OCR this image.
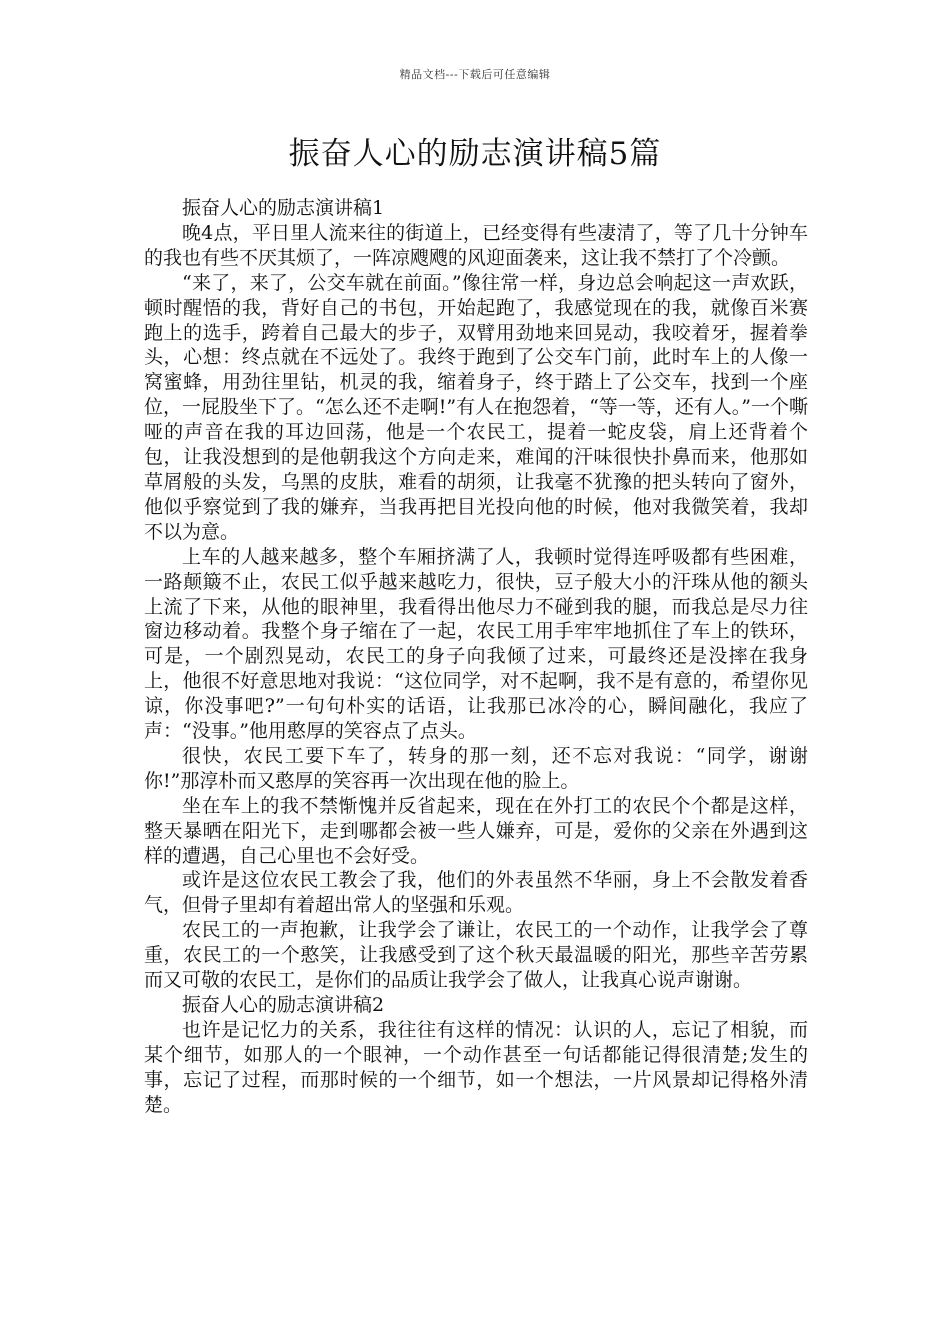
精品文档---下载后可任意编辑
振奋人心的励志演讲稿5篇

振奋人心的励志演讲稿1

晚4点，平日里人流来往的街道上，已经变得有些凄清了，等了几十分钟车的我也有些不厌其烦了，一阵凉飕飕的风迎面袭来，这让我不禁打了个冷颤。

“来了，来了，公交车就在前面。”像往常一样，身边总会响起这一声欢跃，顿时醒悟的我，背好自己的书包，开始起跑了，我感觉现在的我，就像百米赛跑上的选手，跨着自己最大的步子，双臂用劲地来回晃动，我咬着牙，握着拳头，心想：终点就在不远处了。我终于跑到了公交车门前，此时车上的人像一窝蜜蜂，用劲往里钻，机灵的我，缩着身子，终于踏上了公交车，找到一个座位，一屁股坐下了。“怎么还不走啊!”有人在抱怨着，“等一等，还有人。”一个嘶哑的声音在我的耳边回荡，他是一个农民工，提着一蛇皮袋，肩上还背着个包，让我没想到的是他朝我这个方向走来，难闻的汗味很快扑鼻而来，他那如草屑般的头发，乌黑的皮肤，难看的胡须，让我毫不犹豫的把头转向了窗外，他似乎察觉到了我的嫌弃，当我再把目光投向他的时候，他对我微笑着，我却不以为意。

上车的人越来越多，整个车厢挤满了人，我顿时觉得连呼吸都有些困难，一路颠簸不止，农民工似乎越来越吃力，很快，豆子般大小的汗珠从他的额头上流了下来，从他的眼神里，我看得出他尽力不碰到我的腿，而我总是尽力往窗边移动着。我整个身子缩在了一起，农民工用手牢牢地抓住了车上的铁环，可是，一个剧烈晃动，农民工的身子向我倾了过来，可最终还是没摔在我身上，他很不好意思地对我说：“这位同学，对不起啊，我不是有意的，希望你见谅，你没事吧?”一句句朴实的话语，让我那已冰冷的心，瞬间融化，我应了声：“没事。”他用憨厚的笑容点了点头。

很快，农民工要下车了，转身的那一刻，还不忘对我说：“同学，谢谢你!”那淳朴而又憨厚的笑容再一次出现在他的脸上。

坐在车上的我不禁惭愧并反省起来，现在在外打工的农民个个都是这样，整天暴晒在阳光下，走到哪都会被一些人嫌弃，可是，爱你的父亲在外遇到这样的遭遇，自己心里也不会好受。

或许是这位农民工教会了我，他们的外表虽然不华丽，身上不会散发着香气，但骨子里却有着超出常人的坚强和乐观。

农民工的一声抱歉，让我学会了谦让，农民工的一个动作，让我学会了尊重，农民工的一个憨笑，让我感受到了这个秋天最温暖的阳光，那些辛苦劳累而又可敬的农民工，是你们的品质让我学会了做人，让我真心说声谢谢。

振奋人心的励志演讲稿2

也许是记忆力的关系，我往往有这样的情况：认识的人，忘记了相貌，而某个细节，如那人的一个眼神，一个动作甚至一句话都能记得很清楚;发生的事，忘记了过程，而那时候的一个细节，如一个想法，一片风景却记得格外清楚。
